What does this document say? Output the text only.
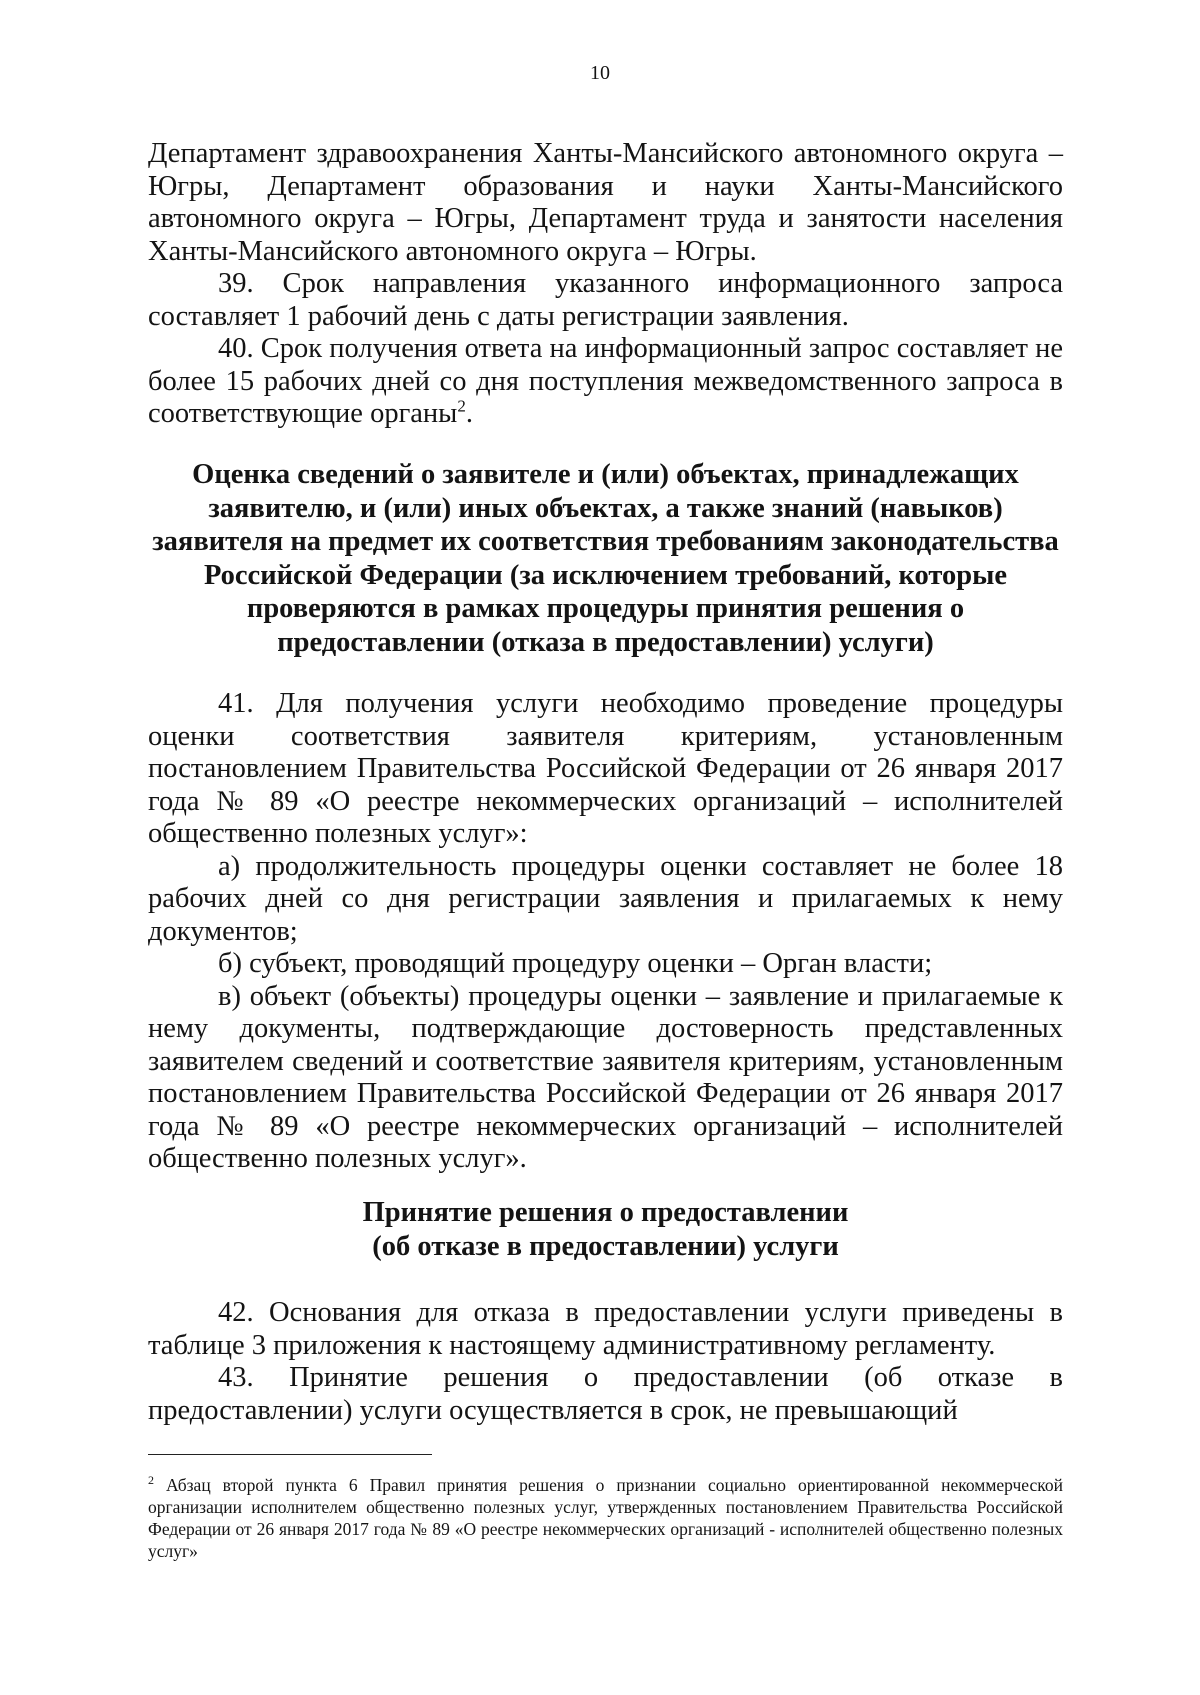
10

Департамент здравоохранения Ханты-Мансийского автономного округа – Югры, Департамент образования и науки Ханты-Мансийского автономного округа – Югры, Департамент труда и занятости населения Ханты-Мансийского автономного округа – Югры.

39. Срок направления указанного информационного запроса составляет 1 рабочий день с даты регистрации заявления.

40. Срок получения ответа на информационный запрос составляет не более 15 рабочих дней со дня поступления межведомственного запроса в соответствующие органы$^2$.

Оценка сведений о заявителе и (или) объектах, принадлежащих заявителю, и (или) иных объектах, а также знаний (навыков) заявителя на предмет их соответствия требованиям законодательства Российской Федерации (за исключением требований, которые проверяются в рамках процедуры принятия решения о предоставлении (отказа в предоставлении) услуги)

41. Для получения услуги необходимо проведение процедуры оценки соответствия заявителя критериям, установленным постановлением Правительства Российской Федерации от 26 января 2017 года № 89 «О реестре некоммерческих организаций – исполнителей общественно полезных услуг»:

а) продолжительность процедуры оценки составляет не более 18 рабочих дней со дня регистрации заявления и прилагаемых к нему документов;

б) субъект, проводящий процедуру оценки – Орган власти;

в) объект (объекты) процедуры оценки – заявление и прилагаемые к нему документы, подтверждающие достоверность представленных заявителем сведений и соответствие заявителя критериям, установленным постановлением Правительства Российской Федерации от 26 января 2017 года № 89 «О реестре некоммерческих организаций – исполнителей общественно полезных услуг».

Принятие решения о предоставлении
(об отказе в предоставлении) услуги

42. Основания для отказа в предоставлении услуги приведены в таблице 3 приложения к настоящему административному регламенту.

43. Принятие решения о предоставлении (об отказе в предоставлении) услуги осуществляется в срок, не превышающий

$^2$ Абзац второй пункта 6 Правил принятия решения о признании социально ориентированной некоммерческой организации исполнителем общественно полезных услуг, утвержденных постановлением Правительства Российской Федерации от 26 января 2017 года № 89 «О реестре некоммерческих организаций - исполнителей общественно полезных услуг»
